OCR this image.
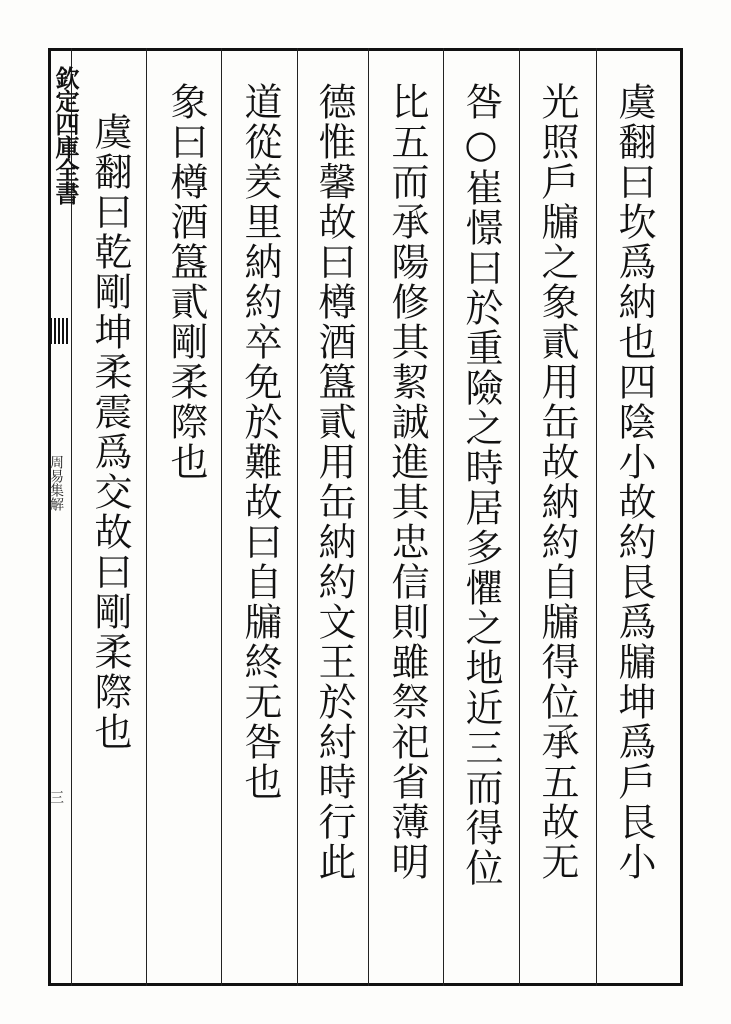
欽定四庫全書
周易集解
三	虞翻曰坎爲納也四陰小故約艮爲牖坤爲戶艮小
光照戶牖之象貳用缶故納約自牖得位承五故无
咎○崔憬曰於重險之時居多懼之地近三而得位
比五而承陽修其絜誠進其忠信則雖祭祀省薄明
德惟馨故曰樽酒簋貳用缶納約文王於紂時行此
道從羑里納約卒免於難故曰自牖終无咎也
象曰樽酒簋貳剛柔際也
虞翻曰乾剛坤柔震爲交故曰剛柔際也
